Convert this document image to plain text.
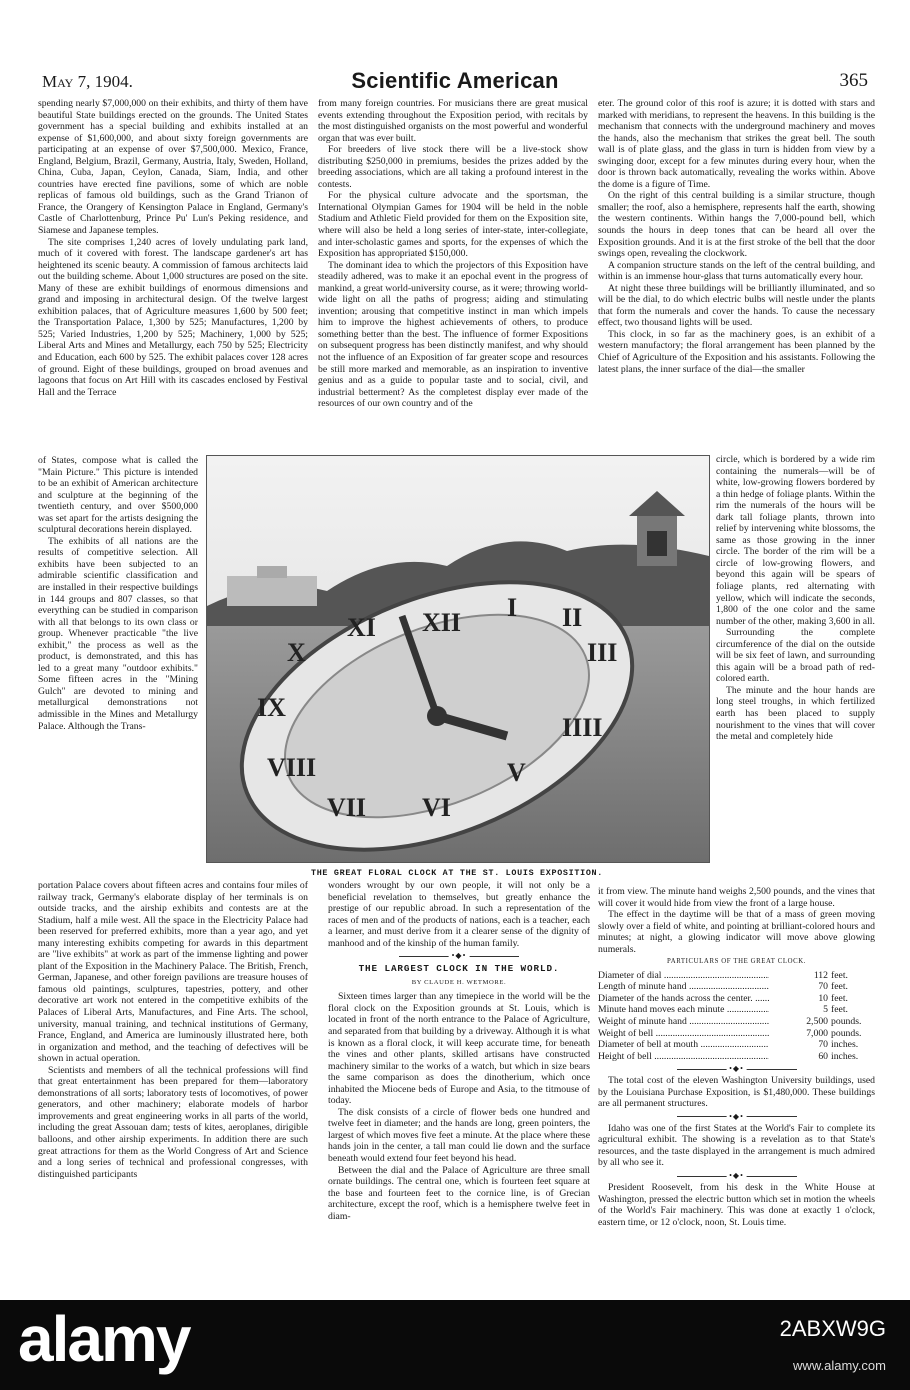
May 7, 1904.	Scientific American	365

spending nearly $7,000,000 on their exhibits, and thirty of them have beautiful State buildings erected on the grounds. The United States government has a special building and exhibits installed at an expense of $1,600,000, and about sixty foreign governments are participating at an expense of over $7,500,000. Mexico, France, England, Belgium, Brazil, Germany, Austria, Italy, Sweden, Holland, China, Cuba, Japan, Ceylon, Canada, Siam, India, and other countries have erected fine pavilions, some of which are noble replicas of famous old buildings, such as the Grand Trianon of France, the Orangery of Kensington Palace in England, Germany's Castle of Charlottenburg, Prince Pu' Lun's Peking residence, and Siamese and Japanese temples.

The site comprises 1,240 acres of lovely undulating park land, much of it covered with forest. The landscape gardener's art has heightened its scenic beauty. A commission of famous architects laid out the building scheme. About 1,000 structures are posed on the site. Many of these are exhibit buildings of enormous dimensions and grand and imposing in architectural design. Of the twelve largest exhibition palaces, that of Agriculture measures 1,600 by 500 feet; the Transportation Palace, 1,300 by 525; Manufactures, 1,200 by 525; Varied Industries, 1,200 by 525; Machinery, 1,000 by 525; Liberal Arts and Mines and Metallurgy, each 750 by 525; Electricity and Education, each 600 by 525. The exhibit palaces cover 128 acres of ground. Eight of these buildings, grouped on broad avenues and lagoons that focus on Art Hill with its cascades enclosed by Festival Hall and the Terrace

of States, compose what is called the "Main Picture." This picture is intended to be an exhibit of American architecture and sculpture at the beginning of the twentieth century, and over $500,000 was set apart for the artists designing the sculptural decorations herein displayed.

The exhibits of all nations are the results of competitive selection. All exhibits have been subjected to an admirable scientific classification and are installed in their respective buildings in 144 groups and 807 classes, so that everything can be studied in comparison with all that belongs to its own class or group. Whenever practicable "the live exhibit," the process as well as the product, is demonstrated, and this has led to a great many "outdoor exhibits." Some fifteen acres in the "Mining Gulch" are devoted to mining and metallurgical demonstrations not admissible in the Mines and Metallurgy Palace. Although the Trans-

portation Palace covers about fifteen acres and contains four miles of railway track, Germany's elaborate display of her terminals is on outside tracks, and the airship exhibits and contests are at the Stadium, half a mile west. All the space in the Electricity Palace had been reserved for preferred exhibits, more than a year ago, and yet many interesting exhibits competing for awards in this department are "live exhibits" at work as part of the immense lighting and power plant of the Exposition in the Machinery Palace. The British, French, German, Japanese, and other foreign pavilions are treasure houses of famous old paintings, sculptures, tapestries, pottery, and other decorative art work not entered in the competitive exhibits of the Palaces of Liberal Arts, Manufactures, and Fine Arts. The school, university, manual training, and technical institutions of Germany, France, England, and America are luminously illustrated here, both in organization and method, and the teaching of defectives will be shown in actual operation.

Scientists and members of all the technical professions will find that great entertainment has been prepared for them—laboratory demonstrations of all sorts; laboratory tests of locomotives, of power generators, and other machinery; elaborate models of harbor improvements and great engineering works in all parts of the world, including the great Assouan dam; tests of kites, aeroplanes, dirigible balloons, and other airship experiments. In addition there are such great attractions for them as the World Congress of Art and Science and a long series of technical and professional congresses, with distinguished participants

from many foreign countries. For musicians there are great musical events extending throughout the Exposition period, with recitals by the most distinguished organists on the most powerful and wonderful organ that was ever built.

For breeders of live stock there will be a live-stock show distributing $250,000 in premiums, besides the prizes added by the breeding associations, which are all taking a profound interest in the contests.

For the physical culture advocate and the sportsman, the International Olympian Games for 1904 will be held in the noble Stadium and Athletic Field provided for them on the Exposition site, where will also be held a long series of inter-state, inter-collegiate, and inter-scholastic games and sports, for the expenses of which the Exposition has appropriated $150,000.

The dominant idea to which the projectors of this Exposition have steadily adhered, was to make it an epochal event in the progress of mankind, a great world-university course, as it were; throwing world-wide light on all the paths of progress; aiding and stimulating invention; arousing that competitive instinct in man which impels him to improve the highest achievements of others, to produce something better than the best. The influence of former Expositions on subsequent progress has been distinctly manifest, and why should not the influence of an Exposition of far greater scope and resources be still more marked and memorable, as an inspiration to inventive genius and as a guide to popular taste and to social, civil, and industrial betterment? As the completest display ever made of the resources of our own country and of the

wonders wrought by our own people, it will not only be a beneficial revelation to themselves, but greatly enhance the prestige of our republic abroad. In such a representation of the races of men and of the products of nations, each is a teacher, each a learner, and must derive from it a clearer sense of the dignity of manhood and of the kinship of the human family.

•◆•
THE LARGEST CLOCK IN THE WORLD.
BY CLAUDE H. WETMORE.

Sixteen times larger than any timepiece in the world will be the floral clock on the Exposition grounds at St. Louis, which is located in front of the north entrance to the Palace of Agriculture, and separated from that building by a driveway. Although it is what is known as a floral clock, it will keep accurate time, for beneath the vines and other plants, skilled artisans have constructed machinery similar to the works of a watch, but which in size bears the same comparison as does the dinotherium, which once inhabited the Miocene beds of Europe and Asia, to the titmouse of today.

The disk consists of a circle of flower beds one hundred and twelve feet in diameter; and the hands are long, green pointers, the largest of which moves five feet a minute. At the place where these hands join in the center, a tall man could lie down and the surface beneath would extend four feet beyond his head.

Between the dial and the Palace of Agriculture are three small ornate buildings. The central one, which is fourteen feet square at the base and fourteen feet to the cornice line, is of Grecian architecture, except the roof, which is a hemisphere twelve feet in diam-

eter. The ground color of this roof is azure; it is dotted with stars and marked with meridians, to represent the heavens. In this building is the mechanism that connects with the underground machinery and moves the hands, also the mechanism that strikes the great bell. The south wall is of plate glass, and the glass in turn is hidden from view by a swinging door, except for a few minutes during every hour, when the door is thrown back automatically, revealing the works within. Above the dome is a figure of Time.

On the right of this central building is a similar structure, though smaller; the roof, also a hemisphere, represents half the earth, showing the western continents. Within hangs the 7,000-pound bell, which sounds the hours in deep tones that can be heard all over the Exposition grounds. And it is at the first stroke of the bell that the door swings open, revealing the clockwork.

A companion structure stands on the left of the central building, and within is an immense hour-glass that turns automatically every hour.

At night these three buildings will be brilliantly illuminated, and so will be the dial, to do which electric bulbs will nestle under the plants that form the numerals and cover the hands. To cause the necessary effect, two thousand lights will be used.

This clock, in so far as the machinery goes, is an exhibit of a western manufactory; the floral arrangement has been planned by the Chief of Agriculture of the Exposition and his assistants. Following the latest plans, the inner surface of the dial—the smaller

circle, which is bordered by a wide rim containing the numerals—will be of white, low-growing flowers bordered by a thin hedge of foliage plants. Within the rim the numerals of the hours will be dark tall foliage plants, thrown into relief by intervening white blossoms, the same as those growing in the inner circle. The border of the rim will be a circle of low-growing flowers, and beyond this again will be spears of foliage plants, red alternating with yellow, which will indicate the seconds, 1,800 of the one color and the same number of the other, making 3,600 in all.

Surrounding the complete circumference of the dial on the outside will be six feet of lawn, and surrounding this again will be a broad path of red-colored earth.

The minute and the hour hands are long steel troughs, in which fertilized earth has been placed to supply nourishment to the vines that will cover the metal and completely hide

it from view. The minute hand weighs 2,500 pounds, and the vines that will cover it would hide from view the front of a large house.

The effect in the daytime will be that of a mass of green moving slowly over a field of white, and pointing at brilliant-colored hours and minutes; at night, a glowing indicator will move above glowing numerals.

PARTICULARS OF THE GREAT CLOCK.
Diameter of dial .....	112 feet.
Length of minute hand .....	70 feet.
Diameter of the hands across the center. .....	10 feet.
Minute hand moves each minute .....	5 feet.
Weight of minute hand .....	2,500 pounds.
Weight of bell .....	7,000 pounds.
Diameter of bell at mouth .....	70 inches.
Height of bell .....	60 inches.
•◆•

The total cost of the eleven Washington University buildings, used by the Louisiana Purchase Exposition, is $1,480,000. These buildings are all permanent structures.

•◆•

Idaho was one of the first States at the World's Fair to complete its agricultural exhibit. The showing is a revelation as to that State's resources, and the taste displayed in the arrangement is much admired by all who see it.

•◆•

President Roosevelt, from his desk in the White House at Washington, pressed the electric button which set in motion the wheels of the World's Fair machinery. This was done at exactly 1 o'clock, eastern time, or 12 o'clock, noon, St. Louis time.

XII
I II
III
IIII
V
VI
VII
VIII
IX
X
XI
THE GREAT FLORAL CLOCK AT THE ST. LOUIS EXPOSITION.
alamy	2ABXW9G
www.alamy.com
